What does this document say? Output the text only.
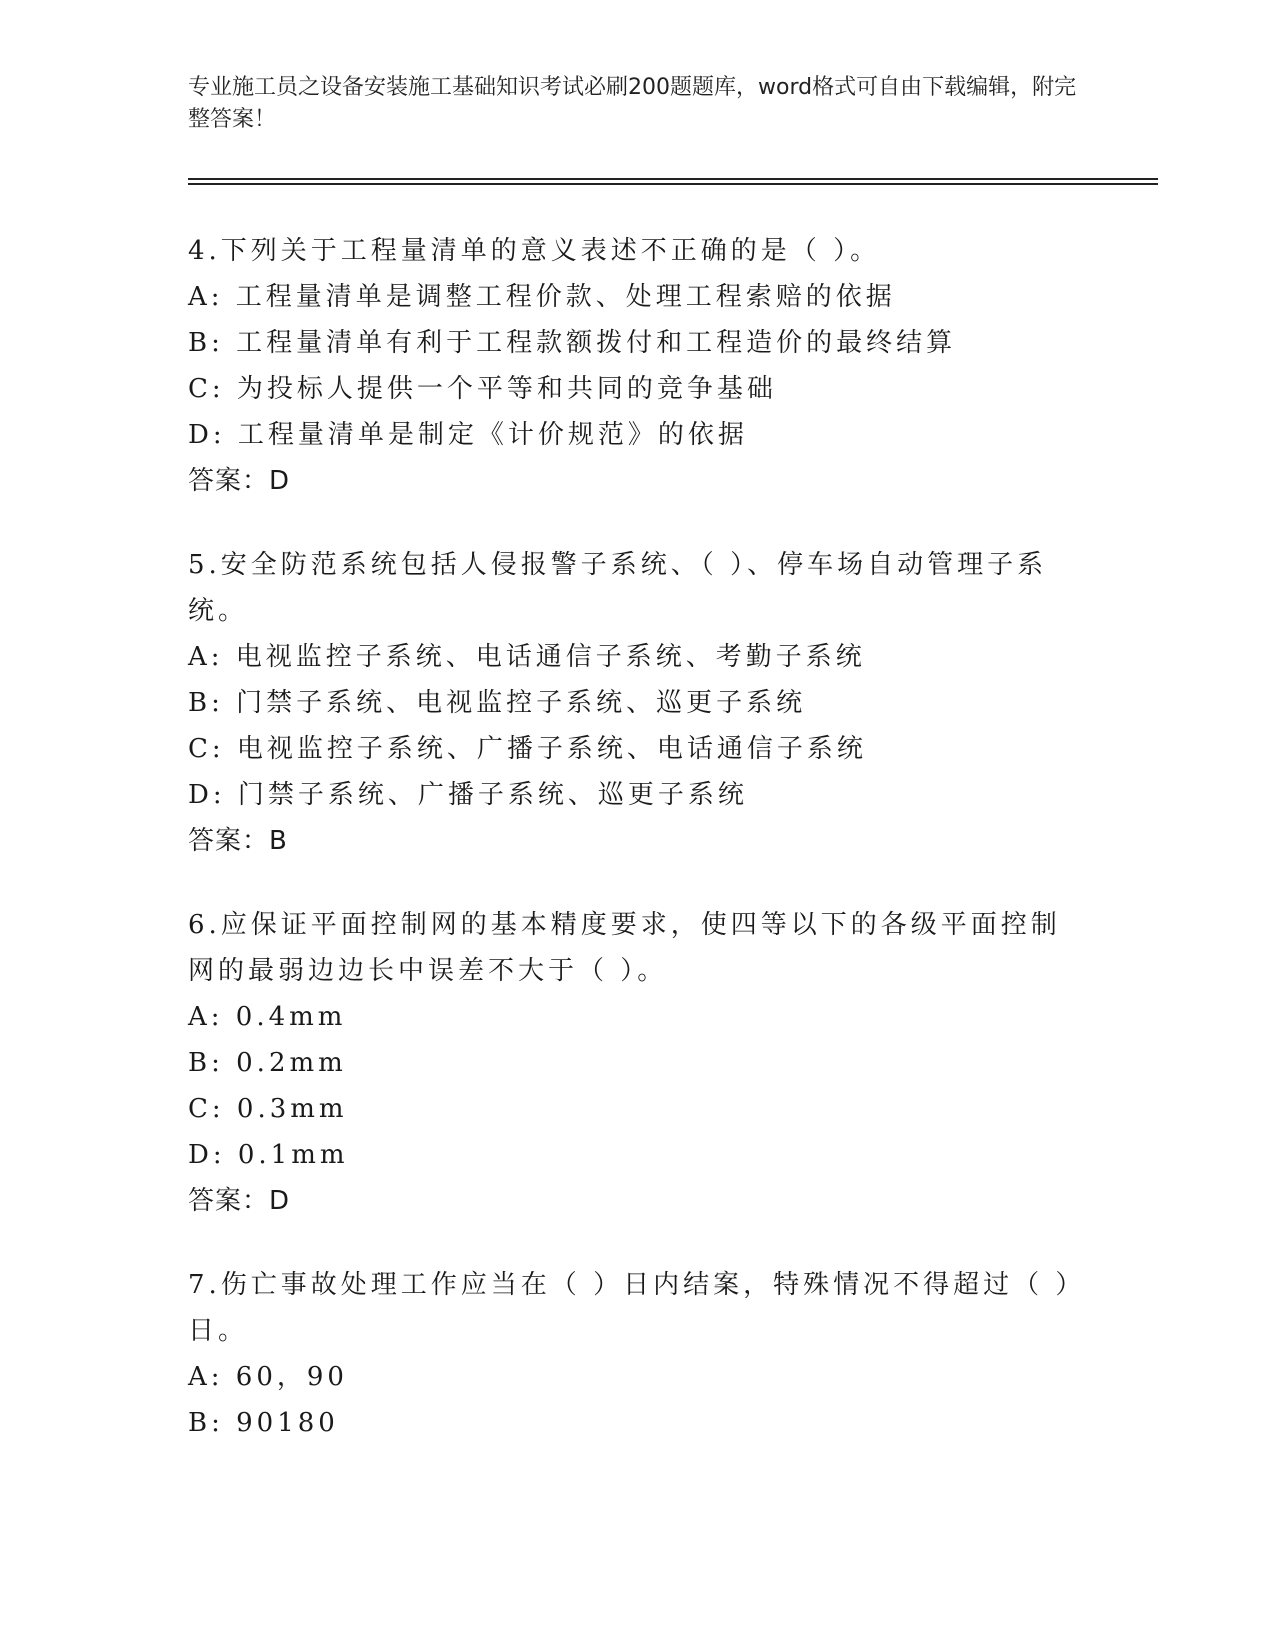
专业施工员之设备安装施工基础知识考试必刷200题题库，word格式可自由下载编辑，附完整答案！

4.下列关于工程量清单的意义表述不正确的是（ ）。

A: 工程量清单是调整工程价款、处理工程索赔的依据

B: 工程量清单有利于工程款额拨付和工程造价的最终结算

C: 为投标人提供一个平等和共同的竞争基础

D: 工程量清单是制定《计价规范》的依据

答案：D

5.安全防范系统包括人侵报警子系统、（ ）、停车场自动管理子系统。

A: 电视监控子系统、电话通信子系统、考勤子系统

B: 门禁子系统、电视监控子系统、巡更子系统

C: 电视监控子系统、广播子系统、电话通信子系统

D: 门禁子系统、广播子系统、巡更子系统

答案：B

6.应保证平面控制网的基本精度要求，使四等以下的各级平面控制网的最弱边边长中误差不大于（ ）。

A: 0.4mm

B: 0.2mm

C: 0.3mm

D: 0.1mm

答案：D

7.伤亡事故处理工作应当在（ ）日内结案，特殊情况不得超过（ ）日。

A: 60，90

B: 90180
